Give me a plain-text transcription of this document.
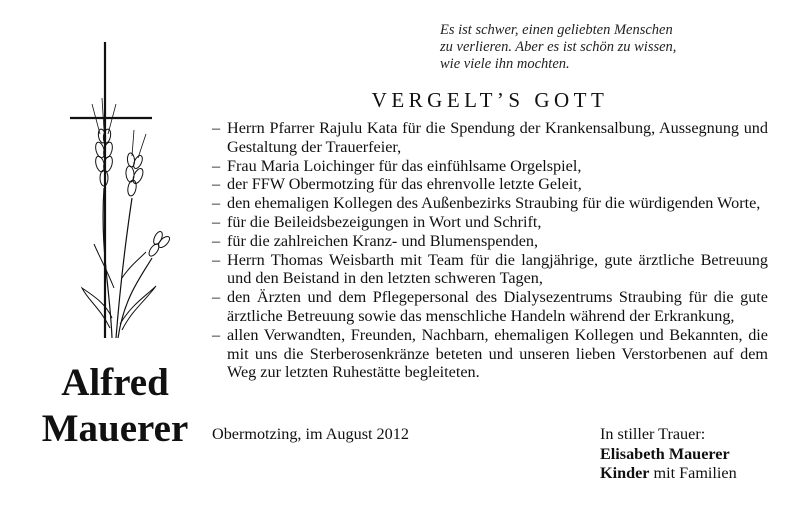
Es ist schwer, einen geliebten Menschen
zu verlieren. Aber es ist schön zu wissen,
wie viele ihn mochten.
VERGELT’S GOTT
– Herrn Pfarrer Rajulu Kata für die Spendung der Krankensalbung, Aussegnung und Gestaltung der Trauerfeier,
– Frau Maria Loichinger für das einfühlsame Orgelspiel,
– der FFW Obermotzing für das ehrenvolle letzte Geleit,
– den ehemaligen Kollegen des Außenbezirks Straubing für die würdigenden Worte,
– für die Beileidsbezeigungen in Wort und Schrift,
– für die zahlreichen Kranz- und Blumenspenden,
– Herrn Thomas Weisbarth mit Team für die langjährige, gute ärztliche Betreuung und den Beistand in den letzten schweren Tagen,
– den Ärzten und dem Pflegepersonal des Dialysezentrums Straubing für die gute ärztliche Betreuung sowie das menschliche Handeln während der Erkrankung,
– allen Verwandten, Freunden, Nachbarn, ehemaligen Kollegen und Bekannten, die mit uns die Sterberosenkränze beteten und unseren lieben Verstorbenen auf dem Weg zur letzten Ruhestätte begleiteten.
Alfred
Mauerer	Obermotzing, im August 2012	In stiller Trauer:
Elisabeth Mauerer
Kinder mit Familien
